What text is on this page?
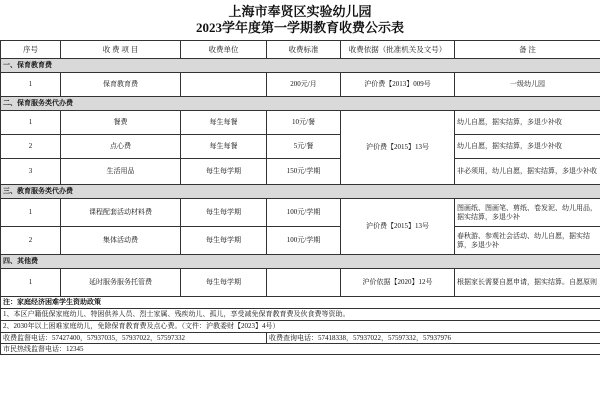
上海市奉贤区实验幼儿园
2023学年度第一学期教育收费公示表
序号	收 费 项 目	收费单位	收费标准	收费依据（批准机关及文号）	备 注
一、保育教育费					
1	保育教育费		200元/月	沪价费【2013】009号	一级幼儿园
二、保育服务类代办费					
1	餐费	每生每餐	10元/餐	沪价费【2015】13号	幼儿自愿，据实结算，多退少补收
2	点心费	每生每餐	5元/餐		幼儿自愿，据实结算，多退少补收
3	生活用品	每生每学期	150元/学期		非必须用，幼儿自愿，据实结算，多退少补收
三、教育服务类代办费					
1	课程配套活动材料费	每生每学期	100元/学期	沪价费【2015】13号	图画纸、图画笔、剪纸、卷发泥、幼儿用品，据实结算，多退少补
2	集体活动费	每生每学期	100元/学期		春秋游、参观社会活动、幼儿自愿，据实结算，多退少补
四、其他费					
1	延时服务服务托管费	每生每学期		沪价依据【2020】12号	根据家长需要自愿申请，据实结算。自愿原则
注：家庭经济困难学生资助政策					
1、本区户籍低保家庭幼儿、特困供养人员、烈士家属、残疾幼儿、孤儿，享受减免保育教育费及伙食费等资助。					
2、2030年以上困难家庭幼儿，免除保育教育费及点心费。（文件：沪教委财【2023】4号）					
收费监督电话：57427400，57937035，57937022，57597332			收费查询电话：57418338，57937022，57597332，57937976		
市民热线监督电话：12345					
